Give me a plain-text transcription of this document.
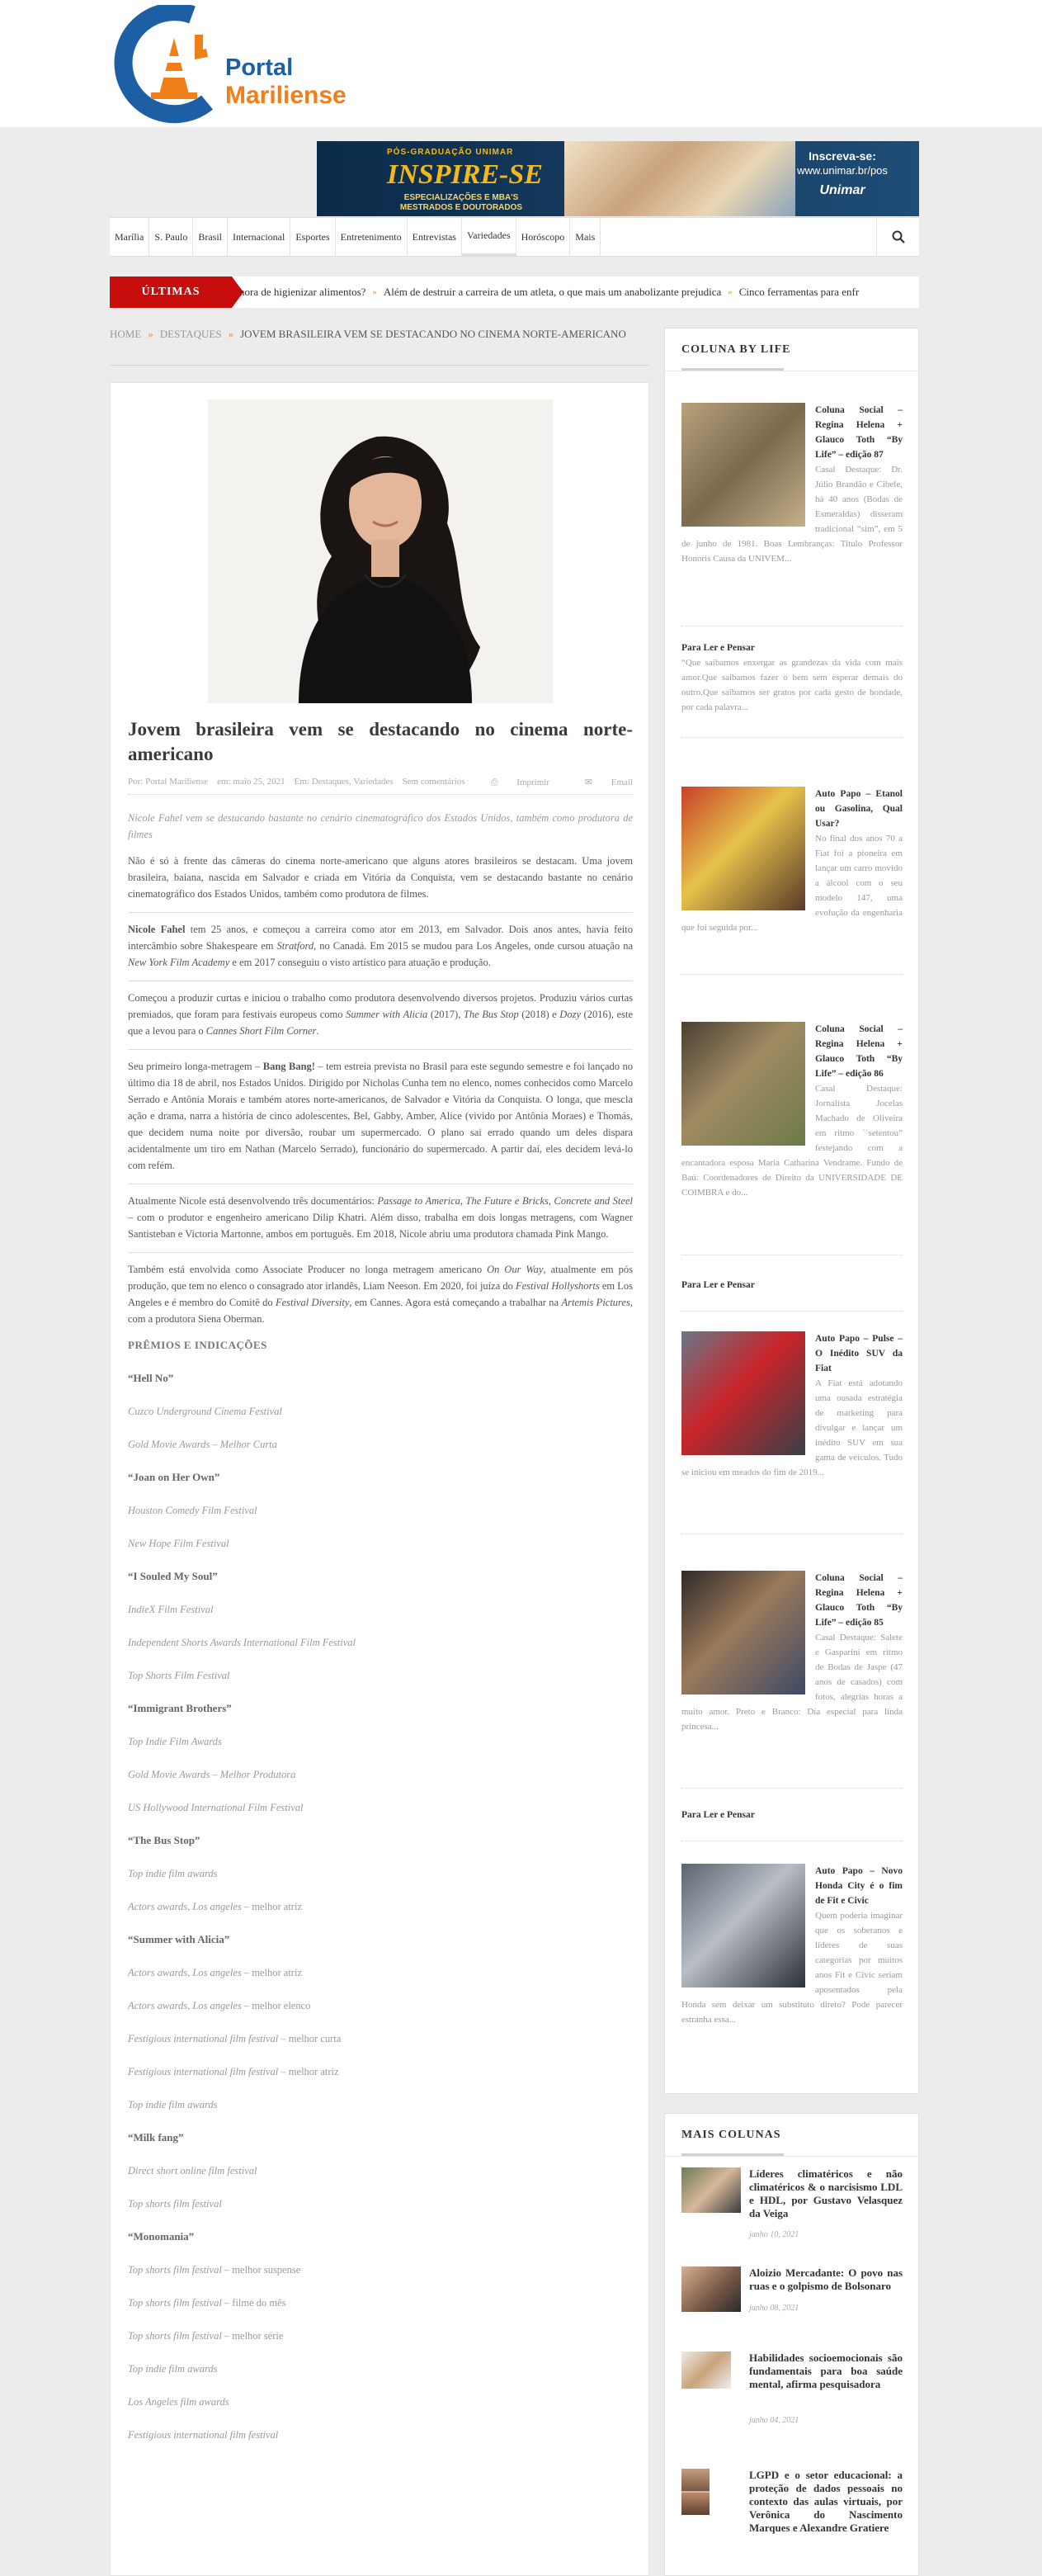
Portal
Mariliense
PÓS-GRADUAÇÃO UNIMAR
INSPIRE-SE
ESPECIALIZAÇÕES E MBA'S
MESTRADOS E DOUTORADOS
Inscreva-se:
www.unimar.br/pos
Unimar
Marília	S. Paulo	Brasil	Internacional	Esportes	Entretenimento	Entrevistas	Variedades	Horóscopo	Mais
ÚLTIMAS	hora de higienizar alimentos? » Além de destruir a carreira de um atleta, o que mais um anabolizante prejudica » Cinco ferramentas para enfr
HOME » DESTAQUES » JOVEM BRASILEIRA VEM SE DESTACANDO NO CINEMA NORTE-AMERICANO
Jovem brasileira vem se destacando no cinema norte-americano
Por: Portal Mariliense em: maio 25, 2021 Em: Destaques, Variedades Sem comentários	⎙ Imprimir	✉ Email

Nicole Fahel vem se destacando bastante no cenário cinematográfico dos Estados Unidos, também como produtora de filmes

Não é só à frente das câmeras do cinema norte-americano que alguns atores brasileiros se destacam. Uma jovem brasileira, baiana, nascida em Salvador e criada em Vitória da Conquista, vem se destacando bastante no cenário cinematográfico dos Estados Unidos, também como produtora de filmes.

Nicole Fahel tem 25 anos, e começou a carreira como ator em 2013, em Salvador. Dois anos antes, havia feito intercâmbio sobre Shakespeare em Stratford, no Canadá. Em 2015 se mudou para Los Angeles, onde cursou atuação na New York Film Academy e em 2017 conseguiu o visto artístico para atuação e produção.

Começou a produzir curtas e iniciou o trabalho como produtora desenvolvendo diversos projetos. Produziu vários curtas premiados, que foram para festivais europeus como Summer with Alicia (2017), The Bus Stop (2018) e Dozy (2016), este que a levou para o Cannes Short Film Corner.

Seu primeiro longa-metragem – Bang Bang! – tem estreia prevista no Brasil para este segundo semestre e foi lançado no último dia 18 de abril, nos Estados Unidos. Dirigido por Nicholas Cunha tem no elenco, nomes conhecidos como Marcelo Serrado e Antônia Morais e também atores norte-americanos, de Salvador e Vitória da Conquista. O longa, que mescla ação e drama, narra a história de cinco adolescentes, Bel, Gabby, Amber, Alice (vivido por Antônia Moraes) e Thomás, que decidem numa noite por diversão, roubar um supermercado. O plano sai errado quando um deles dispara acidentalmente um tiro em Nathan (Marcelo Serrado), funcionário do supermercado. A partir daí, eles decidem levá-lo com refém.

Atualmente Nicole está desenvolvendo três documentários: Passage to America, The Future e Bricks, Concrete and Steel – com o produtor e engenheiro americano Dilip Khatri. Além disso, trabalha em dois longas metragens, com Wagner Santisteban e Victoria Martonne, ambos em português. Em 2018, Nicole abriu uma produtora chamada Pink Mango.

Também está envolvida como Associate Producer no longa metragem americano On Our Way, atualmente em pós produção, que tem no elenco o consagrado ator irlandês, Liam Neeson. Em 2020, foi juíza do Festival Hollyshorts em Los Angeles e é membro do Comitê do Festival Diversity, em Cannes. Agora está começando a trabalhar na Artemis Pictures, com a produtora Siena Oberman.

PRÊMIOS E INDICAÇÕES
“Hell No”
Cuzco Underground Cinema Festival
Gold Movie Awards – Melhor Curta
“Joan on Her Own”
Houston Comedy Film Festival
New Hope Film Festival
“I Souled My Soul”
IndieX Film Festival
Independent Shorts Awards International Film Festival
Top Shorts Film Festival
“Immigrant Brothers”
Top Indie Film Awards
Gold Movie Awards – Melhor Produtora
US Hollywood International Film Festival
“The Bus Stop”
Top indie film awards
Actors awards, Los angeles – melhor atriz
“Summer with Alicia”
Actors awards, Los angeles – melhor atriz
Actors awards, Los angeles – melhor elenco
Festigious international film festival – melhor curta
Festigious international film festival – melhor atriz
Top indie film awards
“Milk fang”
Direct short online film festival
Top shorts film festival
“Monomania”
Top shorts film festival – melhor suspense
Top shorts film festival – filme do mês
Top shorts film festival – melhor série
Top indie film awards
Los Angeles film awards
Festigious international film festival
COLUNA BY LIFE
Coluna Social – Regina Helena + Glauco Toth “By Life” – edição 87
Casal Destaque: Dr. Júlio Brandão e Cibele, há 40 anos (Bodas de Esmeraldas) disseram tradicional “sim”, em 5 de junho de 1981. Boas Lembranças: Titulo Professor Honoris Causa da UNIVEM...
Para Ler e Pensar
“Que saibamos enxergar as grandezas da vida com mais amor.Que saibamos fazer o bem sem esperar demais do outro.Que saibamos ser gratos por cada gesto de bondade, por cada palavra...
Auto Papo – Etanol ou Gasolina, Qual Usar?
No final dos anos 70 a Fiat foi a pioneira em lançar um carro movido a álcool com o seu modelo 147, uma evolução da engenharia que foi seguida por...
Coluna Social – Regina Helena + Glauco Toth “By Life” – edição 86
Casal Destaque: Jornalista Jocelas Machado de Oliveira em ritmo ``setentou” festejando com a encantadora esposa Maria Catharina Vendrame. Fundo de Baú: Coordenadores de Direito da UNIVERSIDADE DE COIMBRA e do...
Para Ler e Pensar
Auto Papo – Pulse – O Inédito SUV da Fiat
A Fiat está adotando uma ousada estratégia de marketing para divulgar e lançar um inédito SUV em sua gama de veículos. Tudo se iniciou em meados do fim de 2019...
Coluna Social – Regina Helena + Glauco Toth “By Life” – edição 85
Casal Destaque: Salete e Gasparini em ritmo de Bodas de Jaspe (47 anos de casados) com fotos, alegrias horas a muito amor. Preto e Branco: Dia especial para linda princesa...
Para Ler e Pensar
Auto Papo – Novo Honda City é o fim de Fit e Civic
Quem poderia imaginar que os soberanos e líderes de suas categorias por muitos anos Fit e Civic seriam aposentados pela Honda sem deixar um substituto direto? Pode parecer estranha essa...
MAIS COLUNAS
Líderes climatéricos e não climatéricos & o narcisismo LDL e HDL, por Gustavo Velasquez da Veiga
junho 10, 2021
Aloizio Mercadante: O povo nas ruas e o golpismo de Bolsonaro
junho 08, 2021
Habilidades socioemocionais são fundamentais para boa saúde mental, afirma pesquisadora
junho 04, 2021
LGPD e o setor educacional: a proteção de dados pessoais no contexto das aulas virtuais, por Verônica do Nascimento Marques e Alexandre Gratiere
